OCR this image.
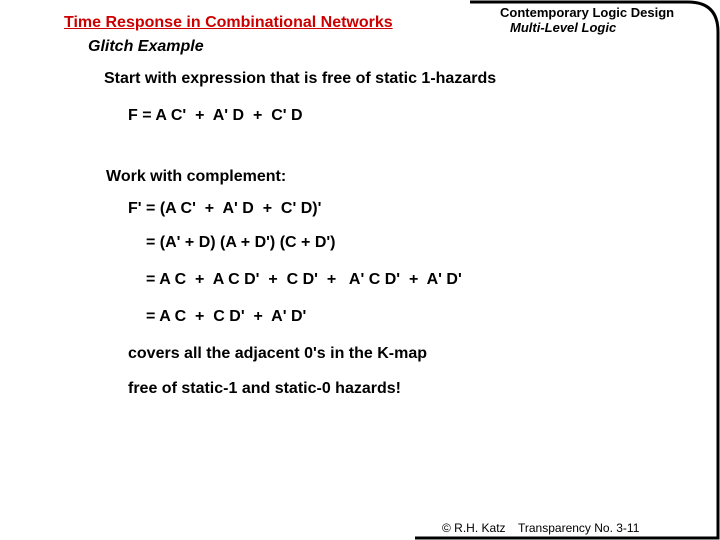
Time Response in Combinational Networks
Glitch Example
Contemporary Logic Design
Multi-Level Logic
Start with expression that is free of static 1-hazards
F = A C'  +  A' D  +  C' D
Work with complement:
F' = (A C'  +  A' D  +  C' D)'
= (A' + D) (A + D') (C + D')
= A C  +  A C D'  +  C D'  +   A' C D'  +  A' D'
= A C  +  C D'  +  A' D'
covers all the adjacent 0's in the K-map
free of static-1 and static-0 hazards!
© R.H. Katz Transparency No. 3-11
